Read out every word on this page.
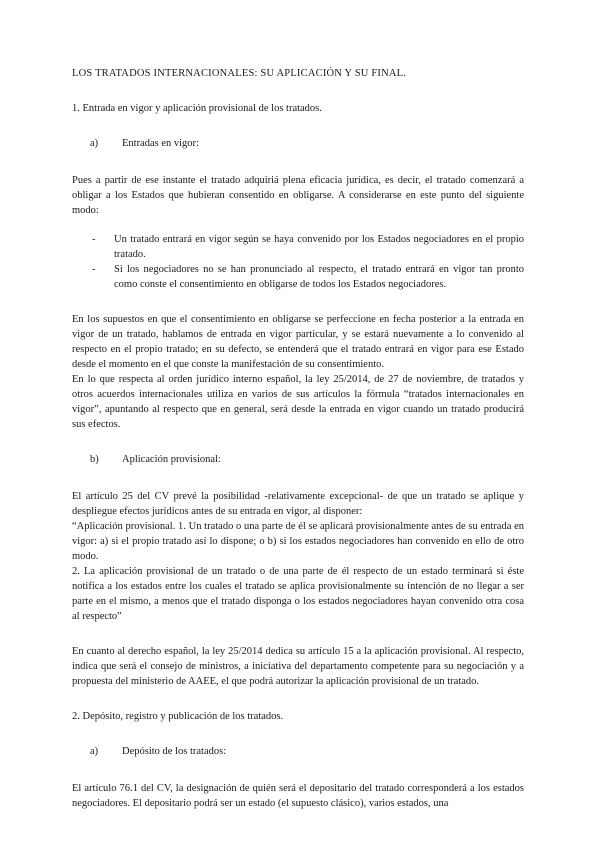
LOS TRATADOS INTERNACIONALES: SU APLICACIÓN Y SU FINAL.

1. Entrada en vigor y aplicación provisional de los tratados.

a) Entradas en vigor:

Pues a partir de ese instante el tratado adquiriá plena eficacia jurídica, es decir, el tratado comenzará a obligar a los Estados que hubieran consentido en obligarse. A considerarse en este punto del siguiente modo:

- Un tratado entrará en vigor según se haya convenido por los Estados negociadores en el propio tratado.
- Si los negociadores no se han pronunciado al respecto, el tratado entrará en vigor tan pronto como conste el consentimiento en obligarse de todos los Estados negociadores.

En los supuestos en que el consentimiento en obligarse se perfeccione en fecha posterior a la entrada en vigor de un tratado, hablamos de entrada en vigor particular, y se estará nuevamente a lo convenido al respecto en el propio tratado; en su defecto, se entenderá que el tratado entrará en vigor para ese Estado desde el momento en el que conste la manifestación de su consentimiento.

En lo que respecta al orden jurídico interno español, la ley 25/2014, de 27 de noviembre, de tratados y otros acuerdos internacionales utiliza en varios de sus artículos la fórmula “tratados internacionales en vigor”, apuntando al respecto que en general, será desde la entrada en vigor cuando un tratado producirá sus efectos.

b) Aplicación provisional:

El artículo 25 del CV prevé la posibilidad -relativamente excepcional- de que un tratado se aplique y despliegue efectos jurídicos antes de su entrada en vigor, al disponer:

“Aplicación provisional. 1. Un tratado o una parte de él se aplicará provisionalmente antes de su entrada en vigor: a) si el propio tratado así lo dispone; o b) si los estados negociadores han convenido en ello de otro modo.

2. La aplicación provisional de un tratado o de una parte de él respecto de un estado terminará si éste notifica a los estados entre los cuales el tratado se aplica provisionalmente su intención de no llegar a ser parte en el mismo, a menos que el tratado disponga o los estados negociadores hayan convenido otra cosa al respecto”

En cuanto al derecho español, la ley 25/2014 dedica su artículo 15 a la aplicación provisional. Al respecto, indica que será el consejo de ministros, a iniciativa del departamento competente para su negociación y a propuesta del ministerio de AAEE, el que podrá autorizar la aplicación provisional de un tratado.

2. Depósito, registro y publicación de los tratados.

a) Depósito de los tratados:

El artículo 76.1 del CV, la designación de quién será el depositario del tratado corresponderá a los estados negociadores. El depositario podrá ser un estado (el supuesto clásico), varios estados, una
